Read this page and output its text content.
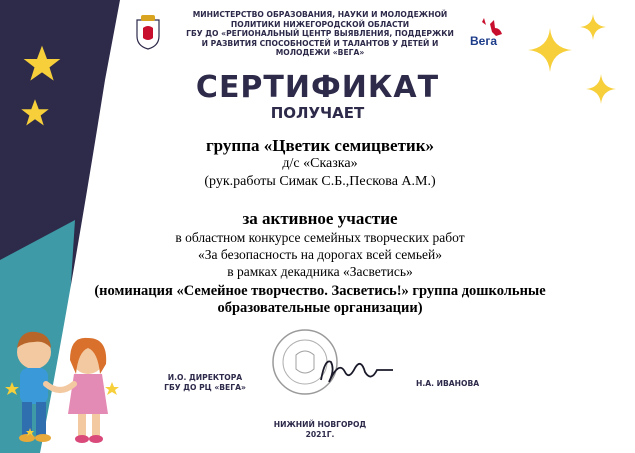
МИНИСТЕРСТВО ОБРАЗОВАНИЯ, НАУКИ И МОЛОДЕЖНОЙ
ПОЛИТИКИ НИЖЕГОРОДСКОЙ ОБЛАСТИ
ГБУ ДО «РЕГИОНАЛЬНЫЙ ЦЕНТР ВЫЯВЛЕНИЯ, ПОДДЕРЖКИ
И РАЗВИТИЯ СПОСОБНОСТЕЙ И ТАЛАНТОВ У ДЕТЕЙ И
МОЛОДЕЖИ «ВЕГА»
Вега
СЕРТИФИКАТ
ПОЛУЧАЕТ
группа «Цветик семицветик»
д/с «Сказка»
(рук.работы Симак С.Б.,Пескова А.М.)
за активное участие
в областном конкурсе семейных творческих работ
«За безопасность на дорогах всей семьей»
в рамках декадника «Засветись»
(номинация «Семейное творчество. Засветись!» группа дошкольные образовательные организации)
И.О. ДИРЕКТОРА
ГБУ ДО РЦ «ВЕГА»	Н.А. ИВАНОВА
НИЖНИЙ НОВГОРОД
2021Г.
